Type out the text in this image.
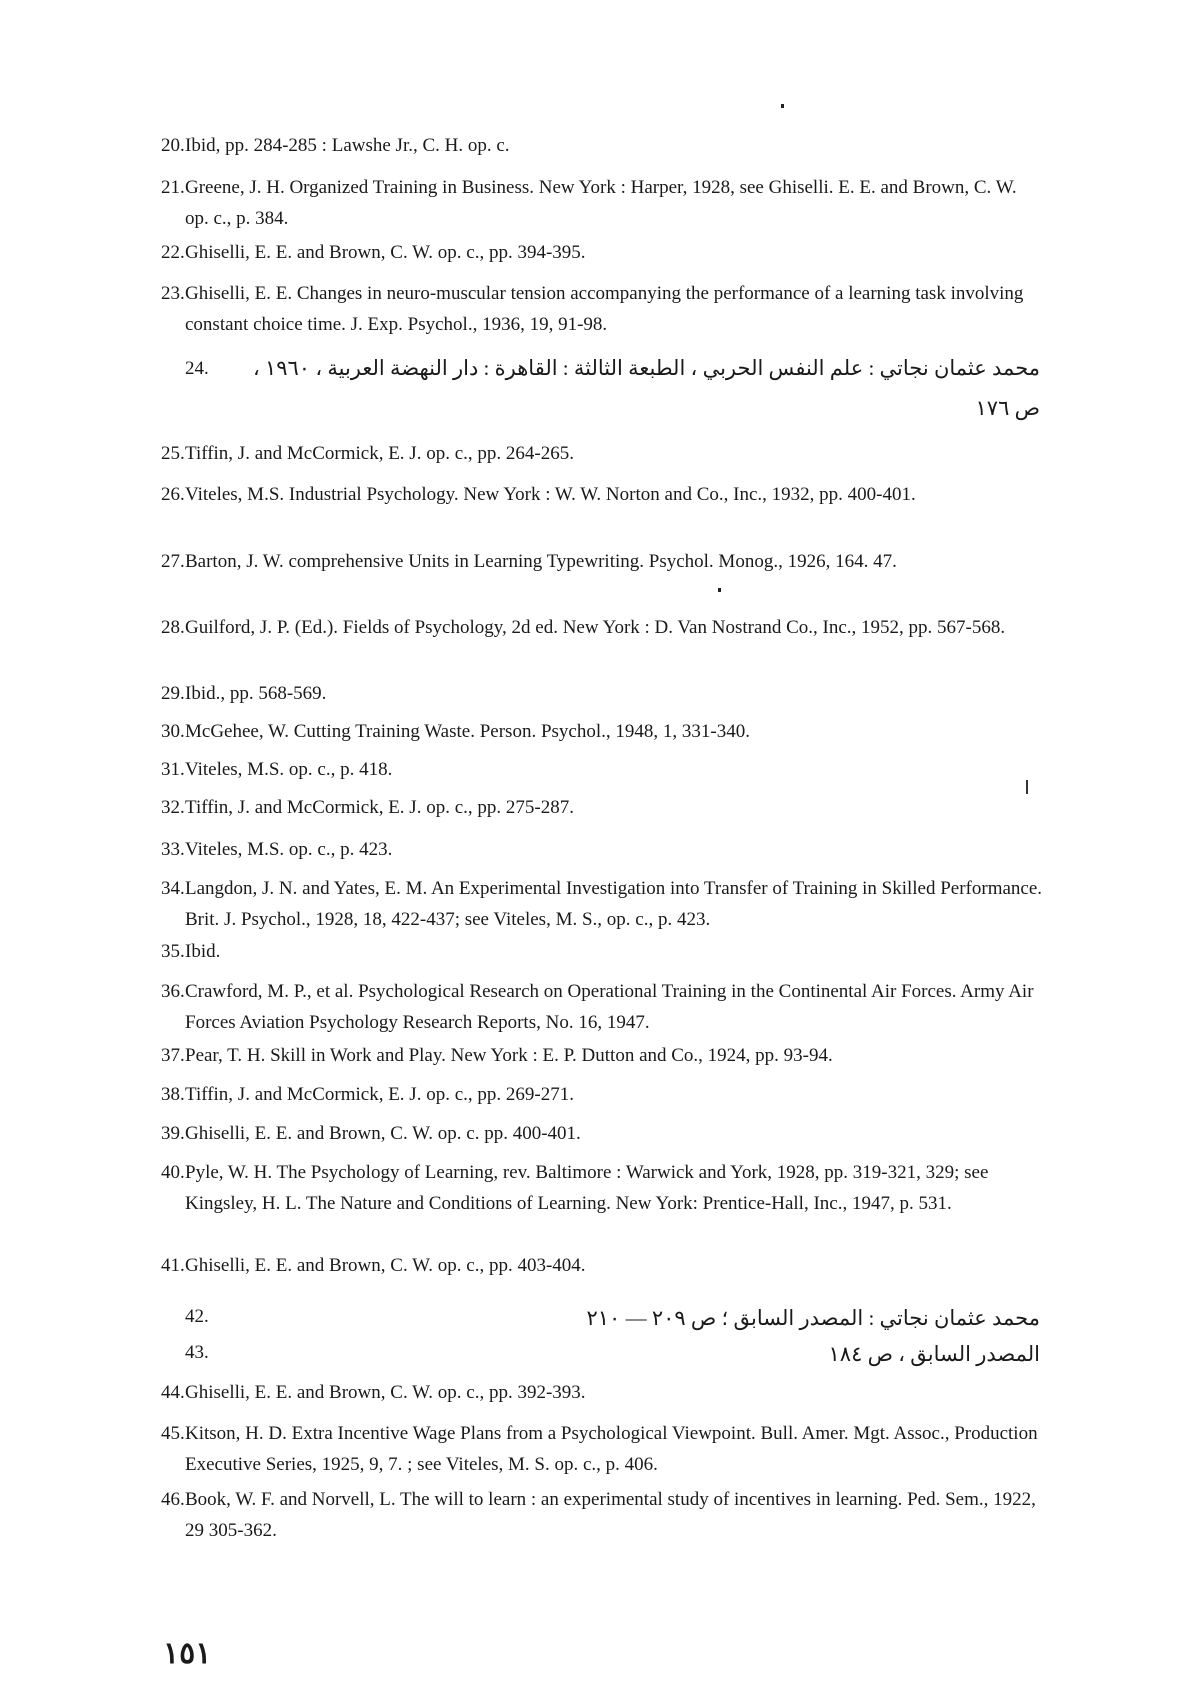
20. Ibid, pp. 284-285 : Lawshe Jr., C. H. op. c.
21. Greene, J. H. Organized Training in Business. New York : Harper, 1928, see Ghiselli. E. E. and Brown, C. W. op. c., p. 384.
22. Ghiselli, E. E. and Brown, C. W. op. c., pp. 394-395.
23. Ghiselli, E. E. Changes in neuro-muscular tension accompanying the performance of a learning task involving constant choice time. J. Exp. Psychol., 1936, 19, 91-98.
24.	محمد عثمان نجاتي : علم النفس الحربي ، الطبعة الثالثة : القاهرة : دار النهضة العربية ، ١٩٦٠ ،
ص ١٧٦
25. Tiffin, J. and McCormick, E. J. op. c., pp. 264-265.
26. Viteles, M.S. Industrial Psychology. New York : W. W. Norton and Co., Inc., 1932, pp. 400-401.
27. Barton, J. W. comprehensive Units in Learning Typewriting. Psychol. Monog., 1926, 164. 47.
28. Guilford, J. P. (Ed.). Fields of Psychology, 2d ed. New York : D. Van Nostrand Co., Inc., 1952, pp. 567-568.
29. Ibid., pp. 568-569.
30. McGehee, W. Cutting Training Waste. Person. Psychol., 1948, 1, 331-340.
31. Viteles, M.S. op. c., p. 418.
32. Tiffin, J. and McCormick, E. J. op. c., pp. 275-287.
33. Viteles, M.S. op. c., p. 423.
34. Langdon, J. N. and Yates, E. M. An Experimental Investigation into Transfer of Training in Skilled Performance. Brit. J. Psychol., 1928, 18, 422-437; see Viteles, M. S., op. c., p. 423.
35. Ibid.
36. Crawford, M. P., et al. Psychological Research on Operational Training in the Continental Air Forces. Army Air Forces Aviation Psychology Research Reports, No. 16, 1947.
37. Pear, T. H. Skill in Work and Play. New York : E. P. Dutton and Co., 1924, pp. 93-94.
38. Tiffin, J. and McCormick, E. J. op. c., pp. 269-271.
39. Ghiselli, E. E. and Brown, C. W. op. c. pp. 400-401.
40. Pyle, W. H. The Psychology of Learning, rev. Baltimore : Warwick and York, 1928, pp. 319-321, 329; see Kingsley, H. L. The Nature and Conditions of Learning. New York: Prentice-Hall, Inc., 1947, p. 531.
41. Ghiselli, E. E. and Brown, C. W. op. c., pp. 403-404.
42.	محمد عثمان نجاتي : المصدر السابق ؛ ص ٢٠٩ — ٢١٠
43.	المصدر السابق ، ص ١٨٤
44. Ghiselli, E. E. and Brown, C. W. op. c., pp. 392-393.
45. Kitson, H. D. Extra Incentive Wage Plans from a Psychological Viewpoint. Bull. Amer. Mgt. Assoc., Production Executive Series, 1925, 9, 7. ; see Viteles, M. S. op. c., p. 406.
46. Book, W. F. and Norvell, L. The will to learn : an experimental study of incentives in learning. Ped. Sem., 1922, 29 305-362.
١٥١
